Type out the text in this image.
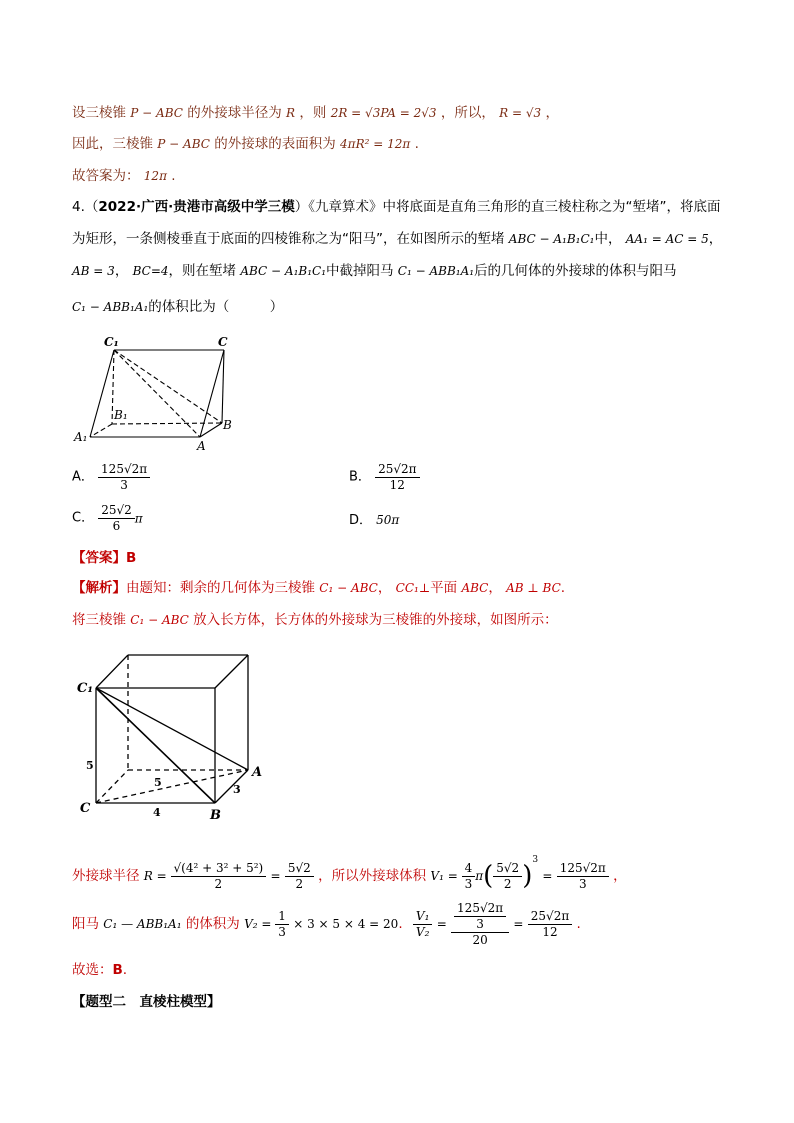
设三棱锥 P − ABC 的外接球半径为 R ，则 2R = √3PA = 2√3 ，所以， R = √3 ，
因此，三棱锥 P − ABC 的外接球的表面积为 4πR² = 12π .
故答案为： 12π .
4.（2022·广西·贵港市高级中学三模）《九章算术》中将底面是直角三角形的直三棱柱称之为“堑堵”，将底面
为矩形，一条侧棱垂直于底面的四棱锥称之为“阳马”，在如图所示的堑堵 ABC − A₁B₁C₁中， AA₁ = AC = 5，
AB = 3， BC=4，则在堑堵 ABC − A₁B₁C₁中截掉阳马 C₁ − ABB₁A₁后的几何体的外接球的体积与阳马
C₁ − ABB₁A₁的体积比为（　　　）
C₁	C
B₁
A₁
A
B
A． $\frac{125√2\pi}{3}$	B． $\frac{25√2\pi}{12}$
C． $\frac{25√2}{6}$ π	D． 50π
【答案】B
【解析】由题知：剩余的几何体为三棱锥 C₁ − ABC， CC₁⊥平面 ABC， AB ⊥ BC.
将三棱锥 C₁ − ABC 放入长方体，长方体的外接球为三棱锥的外接球，如图所示：
C₁
C
A
B
5
5
4
3
外接球半径 $R = \frac{\text{√(4² + 3² + 5²)}}{2} = \frac{5√2}{2}$ ，所以外接球体积 $V_1 = \frac{4}{3} \pi( \frac{5√2}{2} )^3 = \frac{125√2\pi}{3}$ ，
阳马 C₁ — ABB₁A₁ 的体积为 $V_2 = \frac{1}{3} \times 3 \times 5 \times 4 = 20$. $\frac{\text{V₁}}{\text{V₂}} = \frac{\frac{125√2\pi}{3}}{20} = \frac{25√2\pi}{12}$ .
故选：B.
【题型二　直棱柱模型】
